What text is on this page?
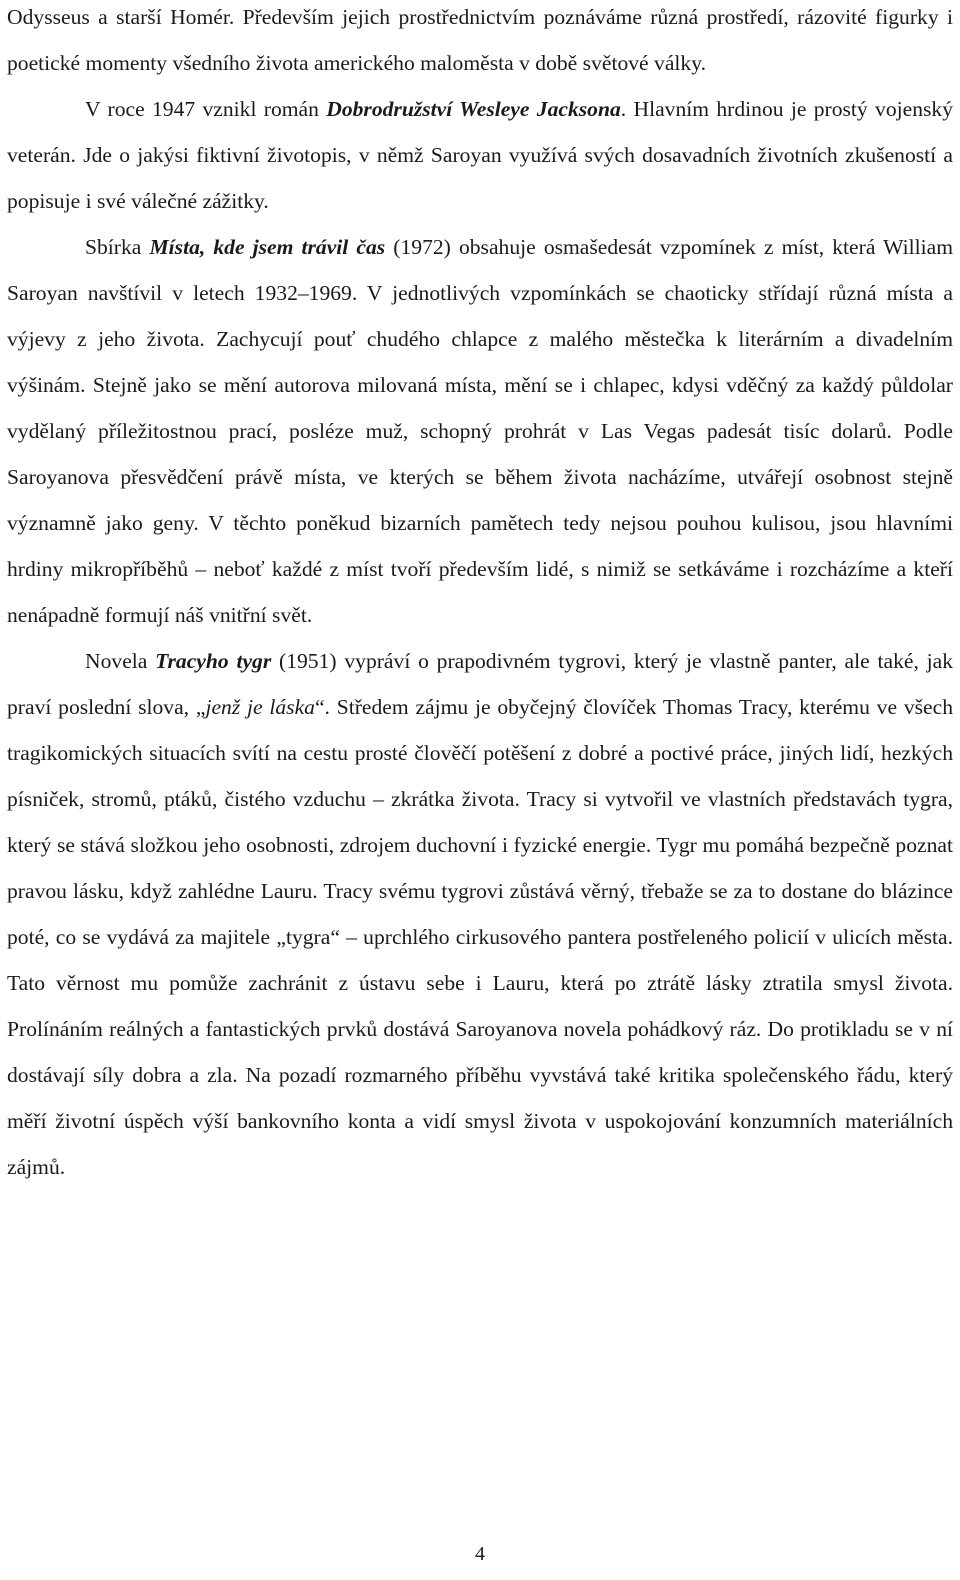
Odysseus a starší Homér. Především jejich prostřednictvím poznáváme různá prostředí, rázovité figurky i poetické momenty všedního života amerického maloměsta v době světové války.

V roce 1947 vznikl román Dobrodružství Wesleye Jacksona. Hlavním hrdinou je prostý vojenský veterán. Jde o jakýsi fiktivní životopis, v němž Saroyan využívá svých dosavadních životních zkušeností a popisuje i své válečné zážitky.

Sbírka Místa, kde jsem trávil čas (1972) obsahuje osmašedesát vzpomínek z míst, která William Saroyan navštívil v letech 1932–1969. V jednotlivých vzpomínkách se chaoticky střídají různá místa a výjevy z jeho života. Zachycují pouť chudého chlapce z malého městečka k literárním a divadelním výšinám. Stejně jako se mění autorova milovaná místa, mění se i chlapec, kdysi vděčný za každý půldolar vydělaný příležitostnou prací, posléze muž, schopný prohrát v Las Vegas padesát tisíc dolarů. Podle Saroyanova přesvědčení právě místa, ve kterých se během života nacházíme, utvářejí osobnost stejně významně jako geny. V těchto poněkud bizarních pamětech tedy nejsou pouhou kulisou, jsou hlavními hrdiny mikropříběhů – neboť každé z míst tvoří především lidé, s nimiž se setkáváme i rozcházíme a kteří nenápadně formují náš vnitřní svět.

Novela Tracyho tygr (1951) vypráví o prapodivném tygrovi, který je vlastně panter, ale také, jak praví poslední slova, „jenž je láska“. Středem zájmu je obyčejný človíček Thomas Tracy, kterému ve všech tragikomických situacích svítí na cestu prosté člověčí potěšení z dobré a poctivé práce, jiných lidí, hezkých písniček, stromů, ptáků, čistého vzduchu – zkrátka života. Tracy si vytvořil ve vlastních představách tygra, který se stává složkou jeho osobnosti, zdrojem duchovní i fyzické energie. Tygr mu pomáhá bezpečně poznat pravou lásku, když zahlédne Lauru. Tracy svému tygrovi zůstává věrný, třebaže se za to dostane do blázince poté, co se vydává za majitele „tygra“ – uprchlého cirkusového pantera postřeleného policií v ulicích města. Tato věrnost mu pomůže zachránit z ústavu sebe i Lauru, která po ztrátě lásky ztratila smysl života. Prolínáním reálných a fantastických prvků dostává Saroyanova novela pohádkový ráz. Do protikladu se v ní dostávají síly dobra a zla. Na pozadí rozmarného příběhu vyvstává také kritika společenského řádu, který měří životní úspěch výší bankovního konta a vidí smysl života v uspokojování konzumních materiálních zájmů.

4
